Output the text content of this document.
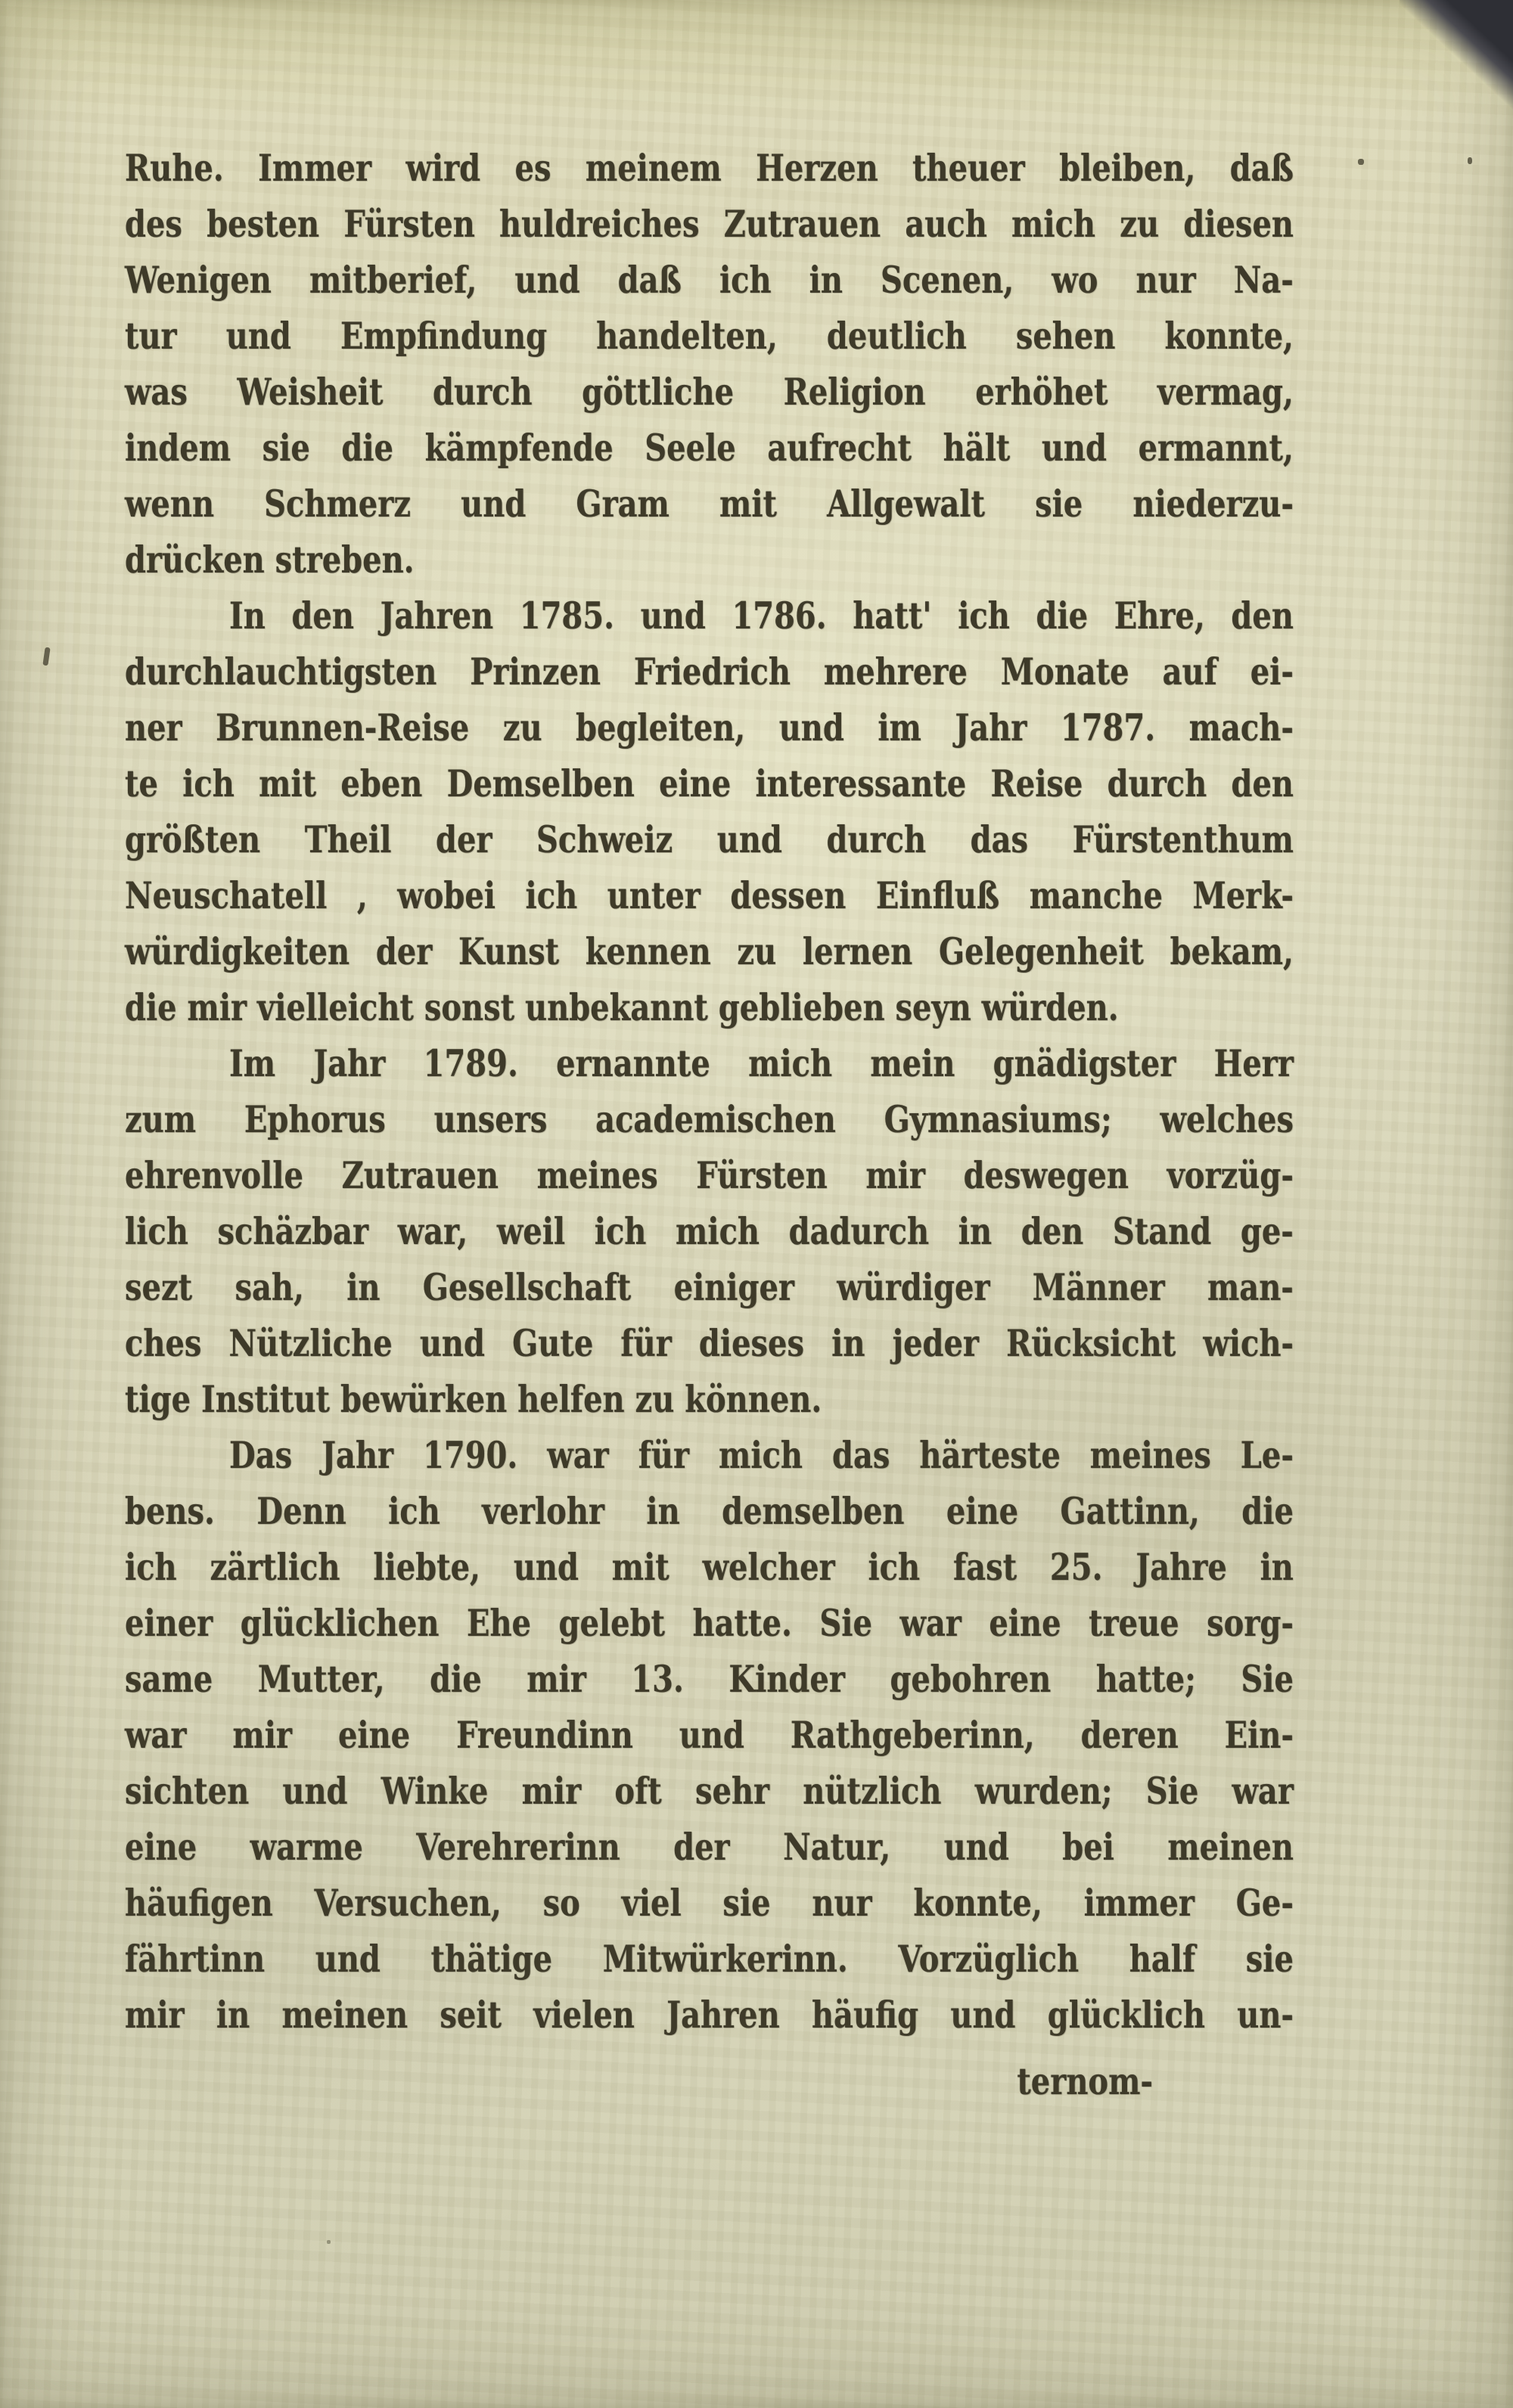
Ruhe. Immer wird es meinem Herzen theuer bleiben, daß
des besten Fürsten huldreiches Zutrauen auch mich zu diesen
Wenigen mitberief, und daß ich in Scenen, wo nur Na-
tur und Empfindung handelten, deutlich sehen konnte,
was Weisheit durch göttliche Religion erhöhet vermag,
indem sie die kämpfende Seele aufrecht hält und ermannt,
wenn Schmerz und Gram mit Allgewalt sie niederzu-
drücken streben.
In den Jahren 1785. und 1786. hatt' ich die Ehre, den
durchlauchtigsten Prinzen Friedrich mehrere Monate auf ei-
ner Brunnen-Reise zu begleiten, und im Jahr 1787. mach-
te ich mit eben Demselben eine interessante Reise durch den
größten Theil der Schweiz und durch das Fürstenthum
Neuschatell , wobei ich unter dessen Einfluß manche Merk-
würdigkeiten der Kunst kennen zu lernen Gelegenheit bekam,
die mir vielleicht sonst unbekannt geblieben seyn würden.
Im Jahr 1789. ernannte mich mein gnädigster Herr
zum Ephorus unsers academischen Gymnasiums; welches
ehrenvolle Zutrauen meines Fürsten mir deswegen vorzüg-
lich schäzbar war, weil ich mich dadurch in den Stand ge-
sezt sah, in Gesellschaft einiger würdiger Männer man-
ches Nützliche und Gute für dieses in jeder Rücksicht wich-
tige Institut bewürken helfen zu können.
Das Jahr 1790. war für mich das härteste meines Le-
bens. Denn ich verlohr in demselben eine Gattinn, die
ich zärtlich liebte, und mit welcher ich fast 25. Jahre in
einer glücklichen Ehe gelebt hatte. Sie war eine treue sorg-
same Mutter, die mir 13. Kinder gebohren hatte; Sie
war mir eine Freundinn und Rathgeberinn, deren Ein-
sichten und Winke mir oft sehr nützlich wurden; Sie war
eine warme Verehrerinn der Natur, und bei meinen
häufigen Versuchen, so viel sie nur konnte, immer Ge-
fährtinn und thätige Mitwürkerinn. Vorzüglich half sie
mir in meinen seit vielen Jahren häufig und glücklich un-
ternom-
